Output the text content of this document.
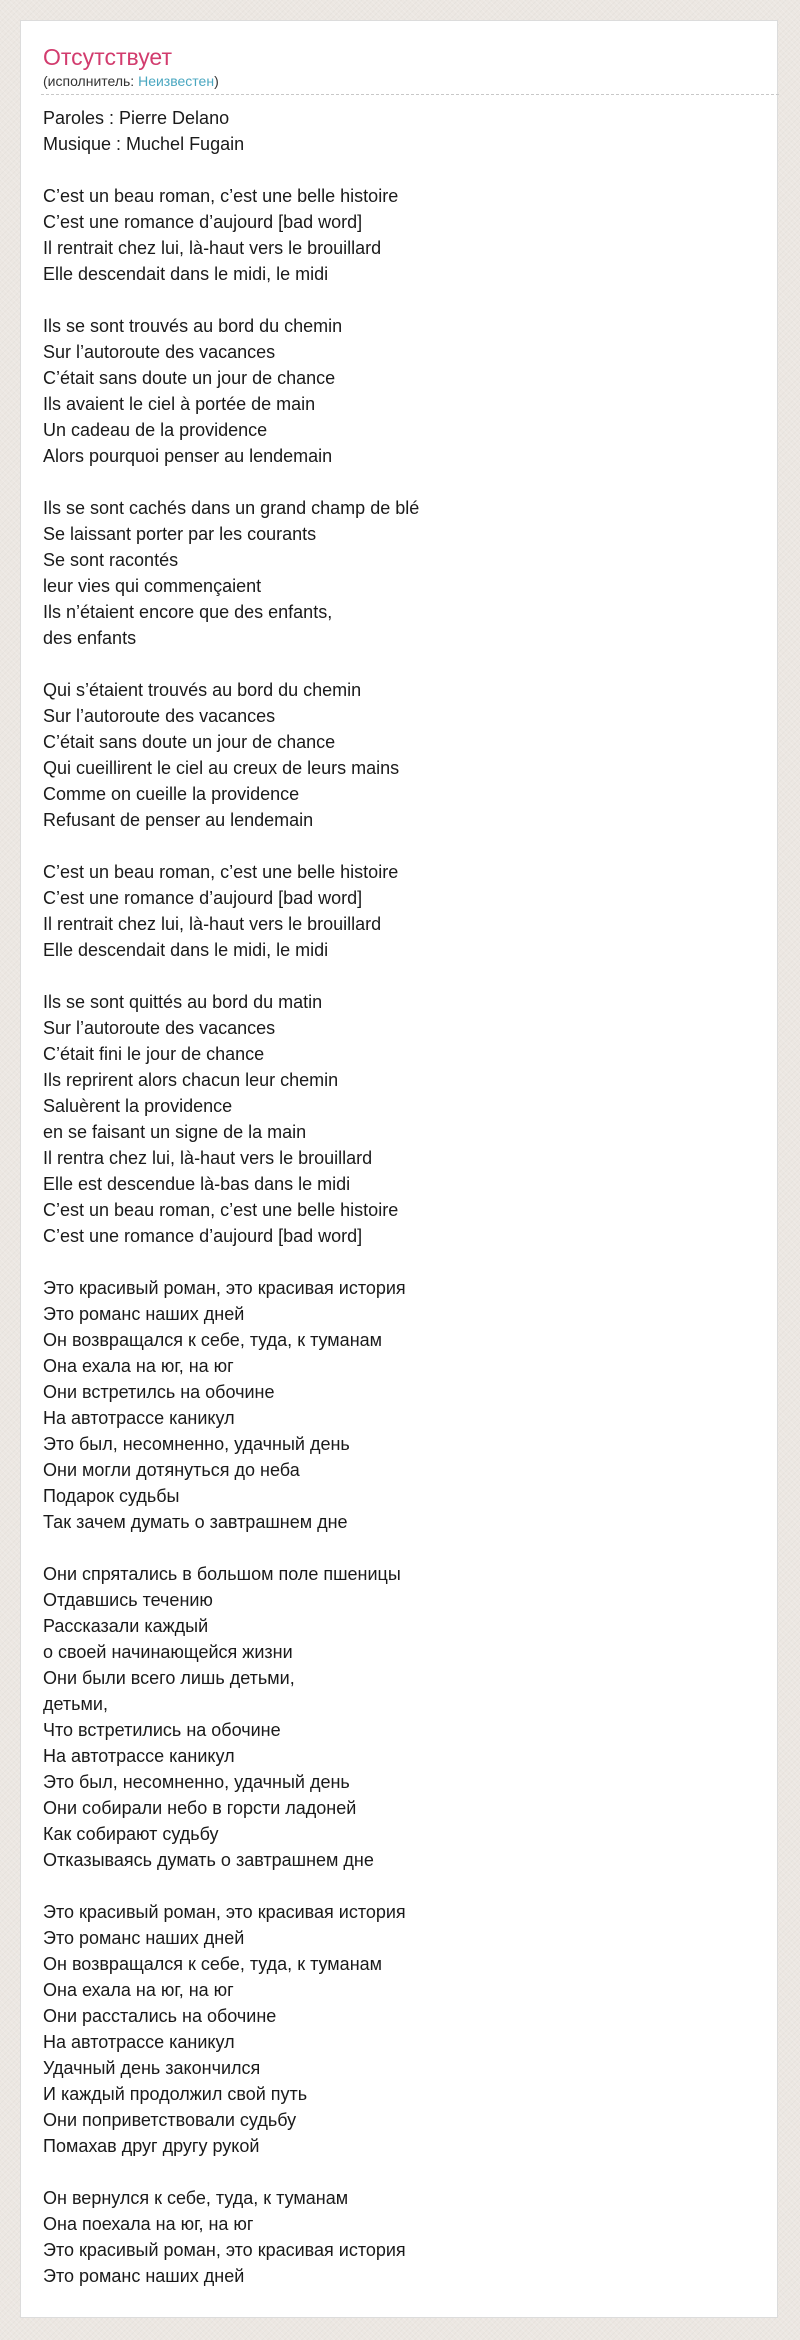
Отсутствует
(исполнитель: Неизвестен)
Paroles : Pierre Delano
Musique : Muchel Fugain
C’est un beau roman, c’est une belle histoire
C’est une romance d’aujourd [bad word]
Il rentrait chez lui, là-haut vers le brouillard
Elle descendait dans le midi, le midi
Ils se sont trouvés au bord du chemin
Sur l’autoroute des vacances
C’était sans doute un jour de chance
Ils avaient le ciel à portée de main
Un cadeau de la providence
Alors pourquoi penser au lendemain
Ils se sont cachés dans un grand champ de blé
Se laissant porter par les courants
Se sont racontés
leur vies qui commençaient
Ils n’étaient encore que des enfants,
des enfants
Qui s’étaient trouvés au bord du chemin
Sur l’autoroute des vacances
C’était sans doute un jour de chance
Qui cueillirent le ciel au creux de leurs mains
Comme on cueille la providence
Refusant de penser au lendemain
C’est un beau roman, c’est une belle histoire
C’est une romance d’aujourd [bad word]
Il rentrait chez lui, là-haut vers le brouillard
Elle descendait dans le midi, le midi
Ils se sont quittés au bord du matin
Sur l’autoroute des vacances
C’était fini le jour de chance
Ils reprirent alors chacun leur chemin
Saluèrent la providence
en se faisant un signe de la main
Il rentra chez lui, là-haut vers le brouillard
Elle est descendue là-bas dans le midi
C’est un beau roman, c’est une belle histoire
C’est une romance d’aujourd [bad word]
Это красивый роман, это красивая история
Это романс наших дней
Он возвращался к себе, туда, к туманам
Она ехала на юг, на юг
Они встретилсь на обочине
На автотрассе каникул
Это был, несомненно, удачный день
Они могли дотянуться до неба
Подарок судьбы
Так зачем думать о завтрашнем дне
Они спрятались в большом поле пшеницы
Отдавшись течению
Рассказали каждый
о своей начинающейся жизни
Они были всего лишь детьми,
детьми,
Что встретились на обочине
На автотрассе каникул
Это был, несомненно, удачный день
Они собирали небо в горсти ладоней
Как собирают судьбу
Отказываясь думать о завтрашнем дне
Это красивый роман, это красивая история
Это романс наших дней
Он возвращался к себе, туда, к туманам
Она ехала на юг, на юг
Они расстались на обочине
На автотрассе каникул
Удачный день закончился
И каждый продолжил свой путь
Они поприветствовали судьбу
Помахав друг другу рукой
Он вернулся к себе, туда, к туманам
Она поехала на юг, на юг
Это красивый роман, это красивая история
Это романс наших дней
